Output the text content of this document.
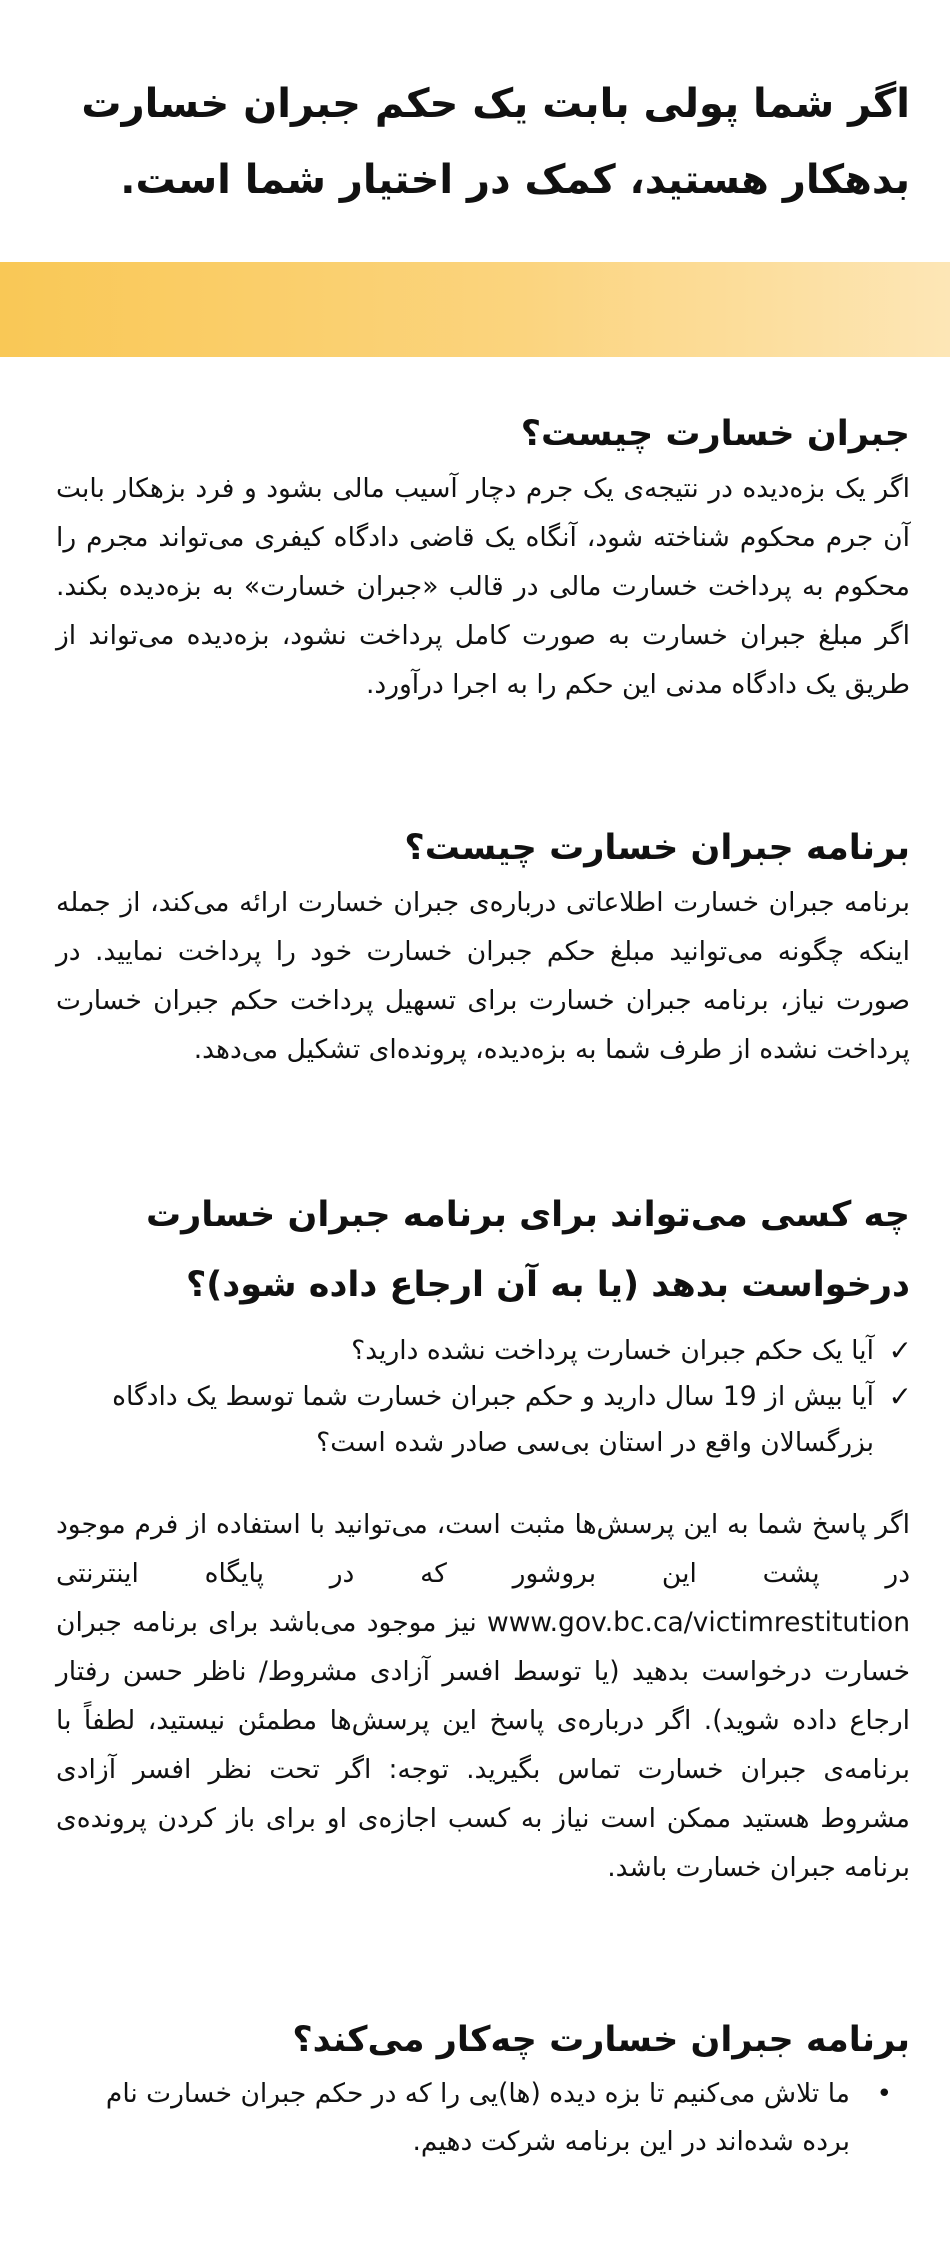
اگر شما پولی بابت یک حکم جبران خسارت
بدهکار هستید، کمک در اختیار شما است.
جبران خسارت چیست؟

اگر یک بزه‌دیده در نتیجه‌ی یک جرم دچار آسیب مالی بشود و فرد بزهکار بابت آن جرم محکوم شناخته شود، آنگاه یک قاضی دادگاه کیفری می‌تواند مجرم را محکوم به پرداخت خسارت مالی در قالب «جبران خسارت» به بزه‌دیده بکند. اگر مبلغ جبران خسارت به صورت کامل پرداخت نشود، بزه‌دیده می‌تواند از طریق یک دادگاه مدنی این حکم را به اجرا درآورد.

برنامه جبران خسارت چیست؟

برنامه جبران خسارت اطلاعاتی درباره‌ی جبران خسارت ارائه می‌کند، از جمله اینکه چگونه می‌توانید مبلغ حکم جبران خسارت خود را پرداخت نمایید. در صورت نیاز، برنامه جبران خسارت برای تسهیل پرداخت حکم جبران خسارت پرداخت نشده از طرف شما به بزه‌دیده، پرونده‌ای تشکیل می‌دهد.

چه کسی می‌تواند برای برنامه جبران خسارت
درخواست بدهد (یا به آن ارجاع داده شود)؟
✓
آیا یک حکم جبران خسارت پرداخت نشده دارید؟
✓
آیا بیش از 19 سال دارید و حکم جبران خسارت شما توسط یک دادگاه بزرگسالان واقع در استان بی‌سی صادر شده است؟

اگر پاسخ شما به این پرسش‌ها مثبت است، می‌توانید با استفاده از فرم موجود در پشت این بروشور که در پایگاه اینترنتی www.gov.bc.ca/victimrestitution نیز موجود می‌باشد برای برنامه جبران خسارت درخواست بدهید (یا توسط افسر آزادی مشروط/ ناظر حسن رفتار ارجاع داده شوید). اگر درباره‌ی پاسخ این پرسش‌ها مطمئن نیستید، لطفاً با برنامه‌ی جبران خسارت تماس بگیرید. توجه: اگر تحت نظر افسر آزادی مشروط هستید ممکن است نیاز به کسب اجازه‌ی او برای باز کردن پرونده‌ی برنامه جبران خسارت باشد.

برنامه جبران خسارت چه‌کار می‌کند؟
•
ما تلاش می‌کنیم تا بزه دیده (ها)یی را که در حکم جبران خسارت نام برده شده‌اند در این برنامه شرکت دهیم.
